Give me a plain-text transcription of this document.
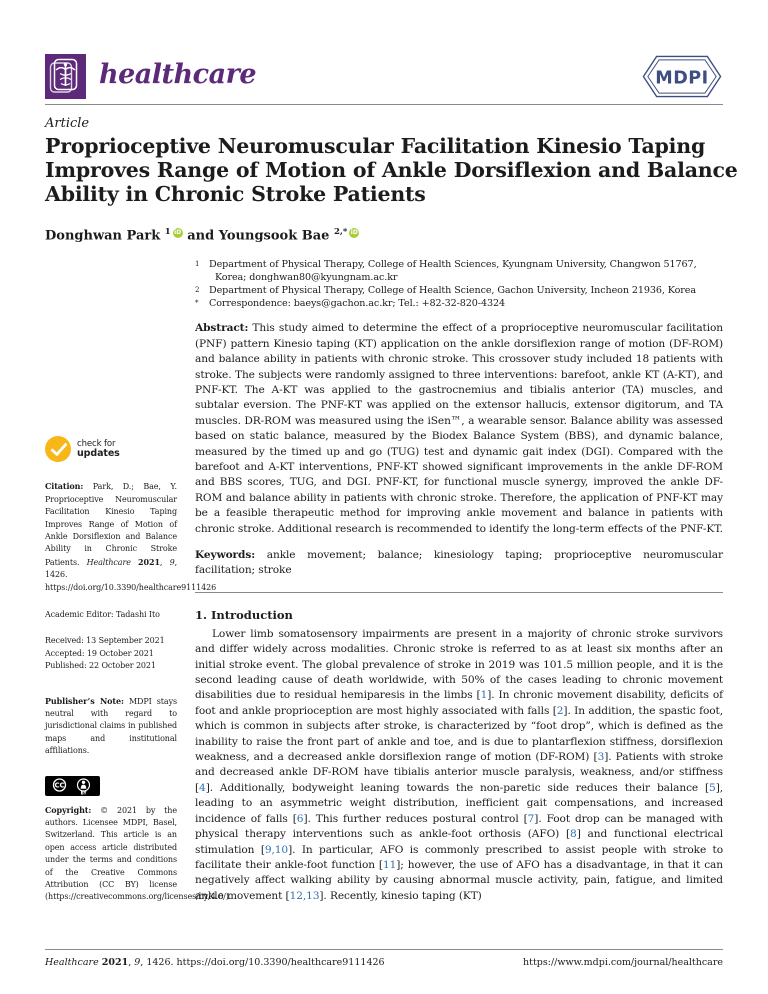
healthcare	MDPI
Article
Proprioceptive Neuromuscular Facilitation Kinesio Taping
Improves Range of Motion of Ankle Dorsiflexion and Balance
Ability in Chronic Stroke Patients
Donghwan Park $^1$ iD and Youngsook Bae $^{2,*}$ iD
check for
updates
Citation: Park, D.; Bae, Y. Proprioceptive Neuromuscular Facilitation Kinesio Taping Improves Range of Motion of Ankle Dorsiflexion and Balance Ability in Chronic Stroke Patients. Healthcare 2021, 9, 1426. https://doi.org/10.3390/healthcare9111426
Academic Editor: Tadashi Ito
Received: 13 September 2021
Accepted: 19 October 2021
Published: 22 October 2021
Publisher’s Note: MDPI stays neutral with regard to jurisdictional claims in published maps and institutional affiliations.
CC
BY
Copyright: © 2021 by the authors. Licensee MDPI, Basel, Switzerland. This article is an open access article distributed under the terms and conditions of the Creative Commons Attribution (CC BY) license (https://creativecommons.org/licenses/by/4.0/).
$^1$ Department of Physical Therapy, College of Health Sciences, Kyungnam University, Changwon 51767, Korea; donghwan80@kyungnam.ac.kr
$^2$ Department of Physical Therapy, College of Health Science, Gachon University, Incheon 21936, Korea
* Correspondence: baeys@gachon.ac.kr; Tel.: +82-32-820-4324

Abstract: This study aimed to determine the effect of a proprioceptive neuromuscular facilitation (PNF) pattern Kinesio taping (KT) application on the ankle dorsiflexion range of motion (DF-ROM) and balance ability in patients with chronic stroke. This crossover study included 18 patients with stroke. The subjects were randomly assigned to three interventions: barefoot, ankle KT (A-KT), and PNF-KT. The A-KT was applied to the gastrocnemius and tibialis anterior (TA) muscles, and subtalar eversion. The PNF-KT was applied on the extensor hallucis, extensor digitorum, and TA muscles. DR-ROM was measured using the iSen™, a wearable sensor. Balance ability was assessed based on static balance, measured by the Biodex Balance System (BBS), and dynamic balance, measured by the timed up and go (TUG) test and dynamic gait index (DGI). Compared with the barefoot and A-KT interventions, PNF-KT showed significant improvements in the ankle DF-ROM and BBS scores, TUG, and DGI. PNF-KT, for functional muscle synergy, improved the ankle DF-ROM and balance ability in patients with chronic stroke. Therefore, the application of PNF-KT may be a feasible therapeutic method for improving ankle movement and balance in patients with chronic stroke. Additional research is recommended to identify the long-term effects of the PNF-KT.

Keywords: ankle movement; balance; kinesiology taping; proprioceptive neuromuscular facilitation; stroke

1. Introduction

Lower limb somatosensory impairments are present in a majority of chronic stroke survivors and differ widely across modalities. Chronic stroke is referred to as at least six months after an initial stroke event. The global prevalence of stroke in 2019 was 101.5 million people, and it is the second leading cause of death worldwide, with 50% of the cases leading to chronic movement disabilities due to residual hemiparesis in the limbs [1]. In chronic movement disability, deficits of foot and ankle proprioception are most highly associated with falls [2]. In addition, the spastic foot, which is common in subjects after stroke, is characterized by “foot drop”, which is defined as the inability to raise the front part of ankle and toe, and is due to plantarflexion stiffness, dorsiflexion weakness, and a decreased ankle dorsiflexion range of motion (DF-ROM) [3]. Patients with stroke and decreased ankle DF-ROM have tibialis anterior muscle paralysis, weakness, and/or stiffness [4]. Additionally, bodyweight leaning towards the non-paretic side reduces their balance [5], leading to an asymmetric weight distribution, inefficient gait compensations, and increased incidence of falls [6]. This further reduces postural control [7]. Foot drop can be managed with physical therapy interventions such as ankle-foot orthosis (AFO) [8] and functional electrical stimulation [9,10]. In particular, AFO is commonly prescribed to assist people with stroke to facilitate their ankle-foot function [11]; however, the use of AFO has a disadvantage, in that it can negatively affect walking ability by causing abnormal muscle activity, pain, fatigue, and limited ankle movement [12,13]. Recently, kinesio taping (KT)

Healthcare 2021, 9, 1426. https://doi.org/10.3390/healthcare9111426	https://www.mdpi.com/journal/healthcare
